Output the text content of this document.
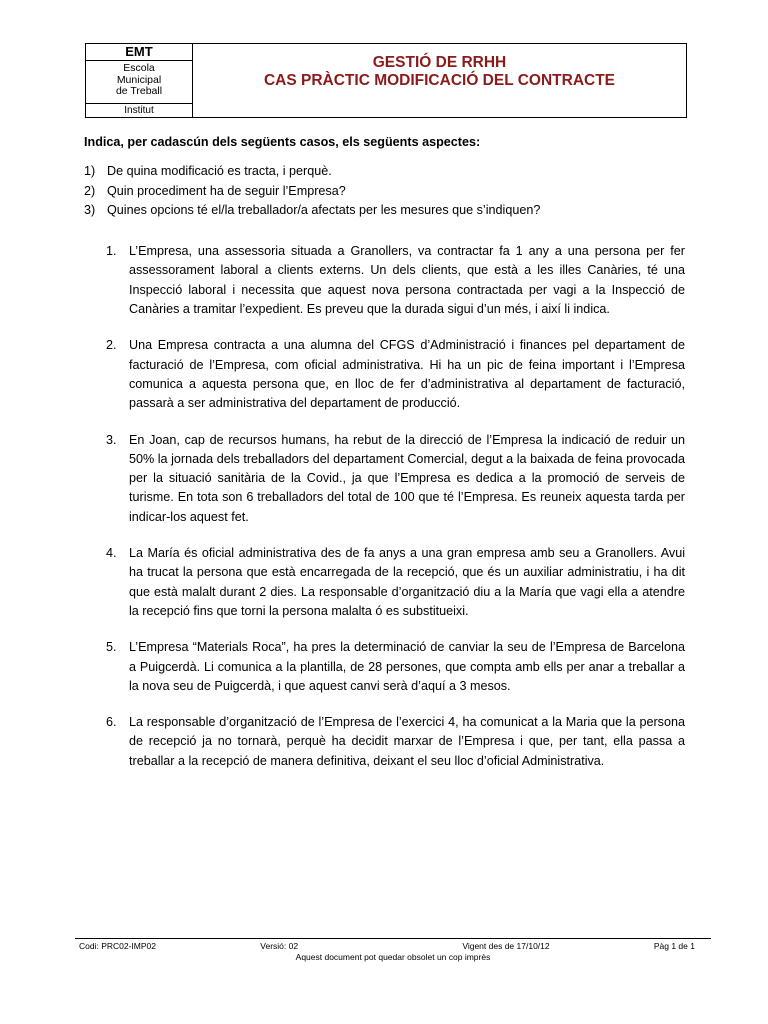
EMT
Escola
Municipal
de Treball
Institut
GESTIÓ DE RRHH
CAS PRÀCTIC MODIFICACIÓ DEL CONTRACTE

Indica, per cadascún dels següents casos, els següents aspectes:

1) De quina modificació es tracta, i perquè.
2) Quin procediment ha de seguir l’Empresa?
3) Quines opcions té el/la treballador/a afectats per les mesures que s’indiquen?
1. L’Empresa, una assessoria situada a Granollers, va contractar fa 1 any a una persona per fer assessorament laboral a clients externs. Un dels clients, que està a les illes Canàries, té una Inspecció laboral i necessita que aquest nova persona contractada per vagi a la Inspecció de Canàries a tramitar l’expedient. Es preveu que la durada sigui d’un més, i així li indica.
2. Una Empresa contracta a una alumna del CFGS d’Administració i finances pel departament de facturació de l’Empresa, com oficial administrativa. Hi ha un pic de feina important i l’Empresa comunica a aquesta persona que, en lloc de fer d’administrativa al departament de facturació, passarà a ser administrativa del departament de producció.
3. En Joan, cap de recursos humans, ha rebut de la direcció de l’Empresa la indicació de reduir un 50% la jornada dels treballadors del departament Comercial, degut a la baixada de feina provocada per la situació sanitària de la Covid., ja que l’Empresa es dedica a la promoció de serveis de turisme. En tota son 6 treballadors del total de 100 que té l’Empresa. Es reuneix aquesta tarda per indicar-los aquest fet.
4. La María és oficial administrativa des de fa anys a una gran empresa amb seu a Granollers. Avui ha trucat la persona que està encarregada de la recepció, que és un auxiliar administratiu, i ha dit que està malalt durant 2 dies. La responsable d’organització diu a la María que vagi ella a atendre la recepció fins que torni la persona malalta ó es substitueixi.
5. L’Empresa “Materials Roca”, ha pres la determinació de canviar la seu de l’Empresa de Barcelona a Puigcerdà. Li comunica a la plantilla, de 28 persones, que compta amb ells per anar a treballar a la nova seu de Puigcerdà, i que aquest canvi serà d’aquí a 3 mesos.
6. La responsable d’organització de l’Empresa de l’exercici 4, ha comunicat a la Maria que la persona de recepció ja no tornarà, perquè ha decidit marxar de l’Empresa i que, per tant, ella passa a treballar a la recepció de manera definitiva, deixant el seu lloc d’oficial Administrativa.
Codi: PRC02-IMP02	Versió: 02	Vigent des de 17/10/12	Pàg 1 de 1
Aquest document pot quedar obsolet un cop imprès
